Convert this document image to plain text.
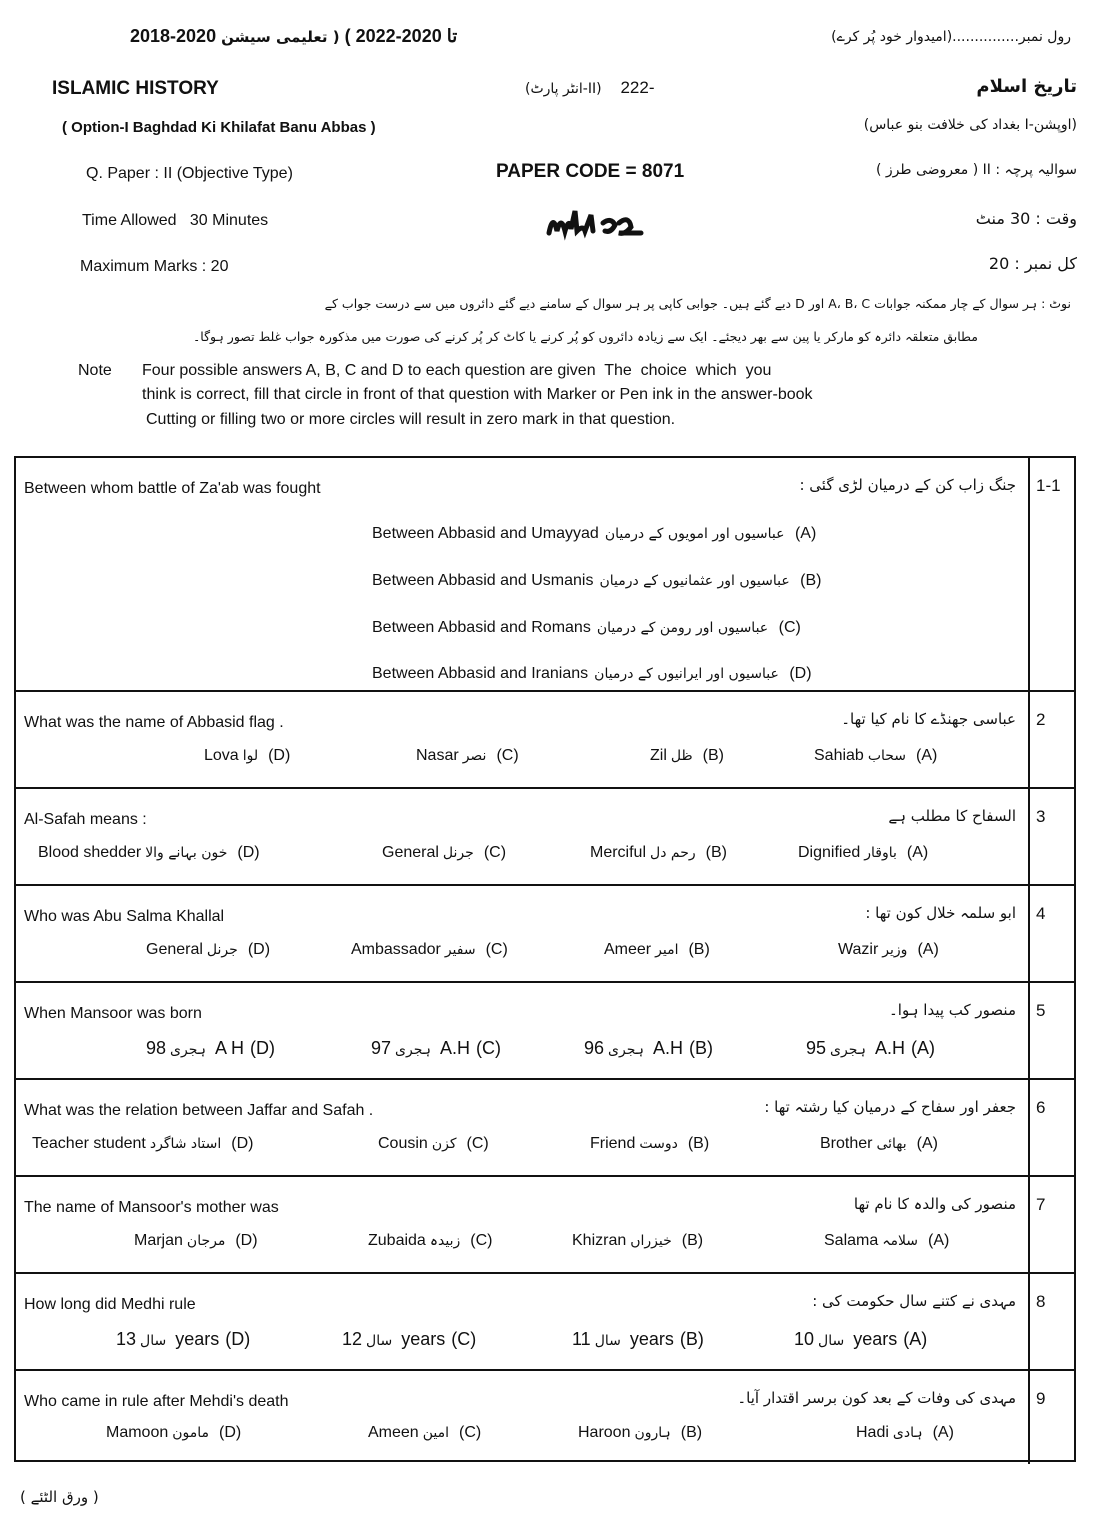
رول نمبر...............(امیدوار خود پُر کرے)
2018-2020 تا 2020-2022 ) ( تعلیمی سیشن
ISLAMIC HISTORY	(انٹر پارٹ-II) 222-	تاریخ اسلام
( Option-I Baghdad Ki Khilafat Banu Abbas )	(اوپشن-I بغداد کی خلافت بنو عباس)
Q. Paper : II (Objective Type)	PAPER CODE = 8071	سوالیہ پرچہ : II ( معروضی طرز )
Time Allowed   30 Minutes	وقت : 30 منٹ
Maximum Marks : 20	کل نمبر : 20
نوٹ : ہر سوال کے چار ممکنہ جوابات A، B، C اور D دیے گئے ہیں۔ جوابی کاپی پر ہر سوال کے سامنے دیے گئے دائروں میں سے درست جواب کے
مطابق متعلقہ دائرہ کو مارکر یا پین سے بھر دیجئے۔ ایک سے زیادہ دائروں کو پُر کرنے یا کاٹ کر پُر کرنے کی صورت میں مذکورہ جواب غلط تصور ہوگا۔
Note Four possible answers A, B, C and D to each question are given  The  choice  which  you
think is correct, fill that circle in front of that question with Marker or Pen ink in the answer-book
Cutting or filling two or more circles will result in zero mark in that question.
Between whom battle of Za'ab was fought	جنگ زاب کن کے درمیان لڑی گئی :	1-1
Between Abbasid and Umayyad عباسیوں اور امویوں کے درمیان (A)
Between Abbasid and Usmanis عباسیوں اور عثمانیوں کے درمیان (B)
Between Abbasid and Romans عباسیوں اور رومن کے درمیان (C)
Between Abbasid and Iranians عباسیوں اور ایرانیوں کے درمیان (D)
What was the name of Abbasid flag .	عباسی جھنڈے کا نام کیا تھا۔	2
Lova لوا (D)	Nasar نصر (C)	Zil ظل (B)	Sahiab سحاب (A)
Al-Safah means :	السفاح کا مطلب ہے	3
Blood shedder خون بہانے والا (D)	General جرنل (C)	Merciful رحم دل (B)	Dignified باوقار (A)
Who was Abu Salma Khallal	ابو سلمہ خلال کون تھا :	4
General جرنل (D)	Ambassador سفیر (C)	Ameer امیر (B)	Wazir وزیر (A)
When Mansoor was born	منصور کب پیدا ہوا۔	5
ہجری98 A H (D)	ہجری97 A.H (C)	ہجری96 A.H (B)	ہجری95 A.H (A)
What was the relation between Jaffar and Safah .	جعفر اور سفاح کے درمیان کیا رشتہ تھا :	6
Teacher student استاد شاگرد (D)	Cousin کزن (C)	Friend دوست (B)	Brother بھائی (A)
The name of Mansoor's mother was	منصور کی والدہ کا نام تھا	7
Marjan مرجان (D)	Zubaida زبیدہ (C)	Khizran خیزراں (B)	Salama سلامہ (A)
How long did Medhi rule	مہدی نے کتنے سال حکومت کی :	8
سال13 years (D)	سال12 years (C)	سال11 years (B)	سال10 years (A)
Who came in rule after Mehdi's death	مہدی کی وفات کے بعد کون برسر اقتدار آیا۔	9
Mamoon مامون (D)	Ameen امین (C)	Haroon ہارون (B)	Hadi ہادی (A)
( ورق الٹئے )
